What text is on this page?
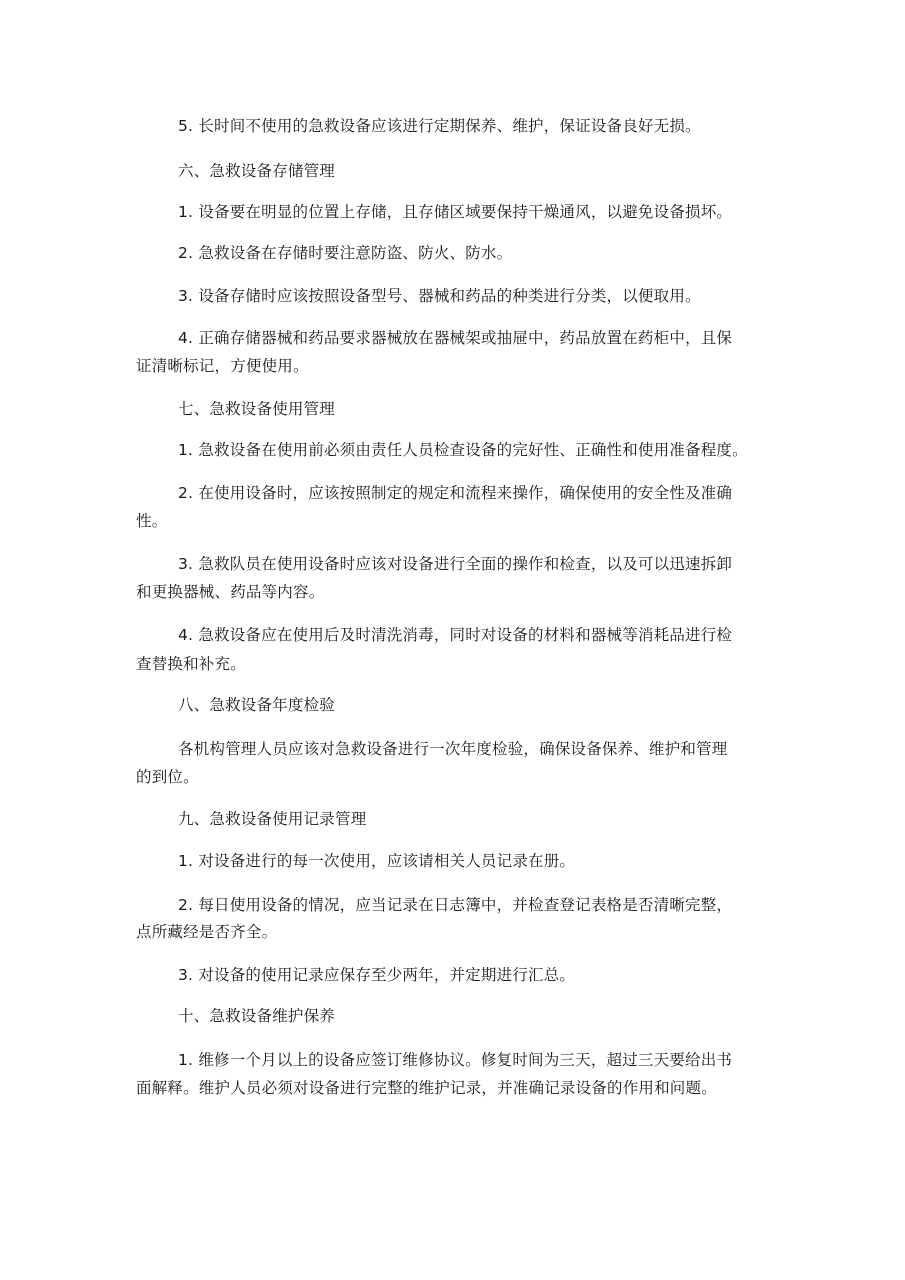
5. 长时间不使用的急救设备应该进行定期保养、维护，保证设备良好无损。
六、急救设备存储管理
1. 设备要在明显的位置上存储，且存储区域要保持干燥通风，以避免设备损坏。
2. 急救设备在存储时要注意防盗、防火、防水。
3. 设备存储时应该按照设备型号、器械和药品的种类进行分类，以便取用。
4. 正确存储器械和药品要求器械放在器械架或抽屉中，药品放置在药柜中，且保
证清晰标记，方便使用。
七、急救设备使用管理
1. 急救设备在使用前必须由责任人员检查设备的完好性、正确性和使用准备程度。
2. 在使用设备时，应该按照制定的规定和流程来操作，确保使用的安全性及准确
性。
3. 急救队员在使用设备时应该对设备进行全面的操作和检查，以及可以迅速拆卸
和更换器械、药品等内容。
4. 急救设备应在使用后及时清洗消毒，同时对设备的材料和器械等消耗品进行检
查替换和补充。
八、急救设备年度检验
各机构管理人员应该对急救设备进行一次年度检验，确保设备保养、维护和管理
的到位。
九、急救设备使用记录管理
1. 对设备进行的每一次使用，应该请相关人员记录在册。
2. 每日使用设备的情况，应当记录在日志簿中，并检查登记表格是否清晰完整，
点所藏经是否齐全。
3. 对设备的使用记录应保存至少两年，并定期进行汇总。
十、急救设备维护保养
1. 维修一个月以上的设备应签订维修协议。修复时间为三天，超过三天要给出书
面解释。维护人员必须对设备进行完整的维护记录，并准确记录设备的作用和问题。
